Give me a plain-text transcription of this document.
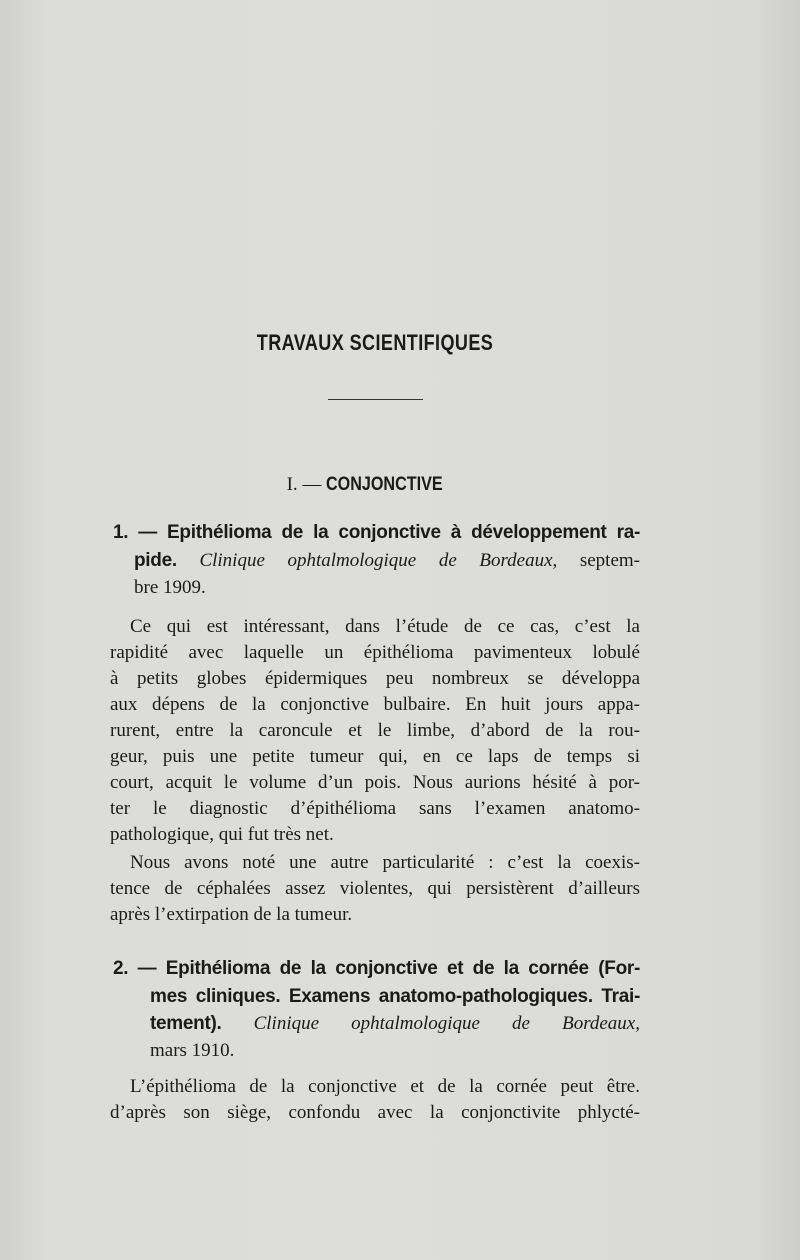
TRAVAUX SCIENTIFIQUES
I. — CONJONCTIVE
1. — Epithélioma de la conjonctive à développement ra-
pide. Clinique ophtalmologique de Bordeaux, septem-
bre 1909.
Ce qui est intéressant, dans l’étude de ce cas, c’est la
rapidité avec laquelle un épithélioma pavimenteux lobulé
à petits globes épidermiques peu nombreux se développa
aux dépens de la conjonctive bulbaire. En huit jours appa-
rurent, entre la caroncule et le limbe, d’abord de la rou-
geur, puis une petite tumeur qui, en ce laps de temps si
court, acquit le volume d’un pois. Nous aurions hésité à por-
ter le diagnostic d’épithélioma sans l’examen anatomo-
pathologique, qui fut très net.
Nous avons noté une autre particularité : c’est la coexis-
tence de céphalées assez violentes, qui persistèrent d’ailleurs
après l’extirpation de la tumeur.
2. — Epithélioma de la conjonctive et de la cornée (For-
mes cliniques. Examens anatomo-pathologiques. Trai-
tement). Clinique ophtalmologique de Bordeaux,
mars 1910.
L’épithélioma de la conjonctive et de la cornée peut être.
d’après son siège, confondu avec la conjonctivite phlycté-
